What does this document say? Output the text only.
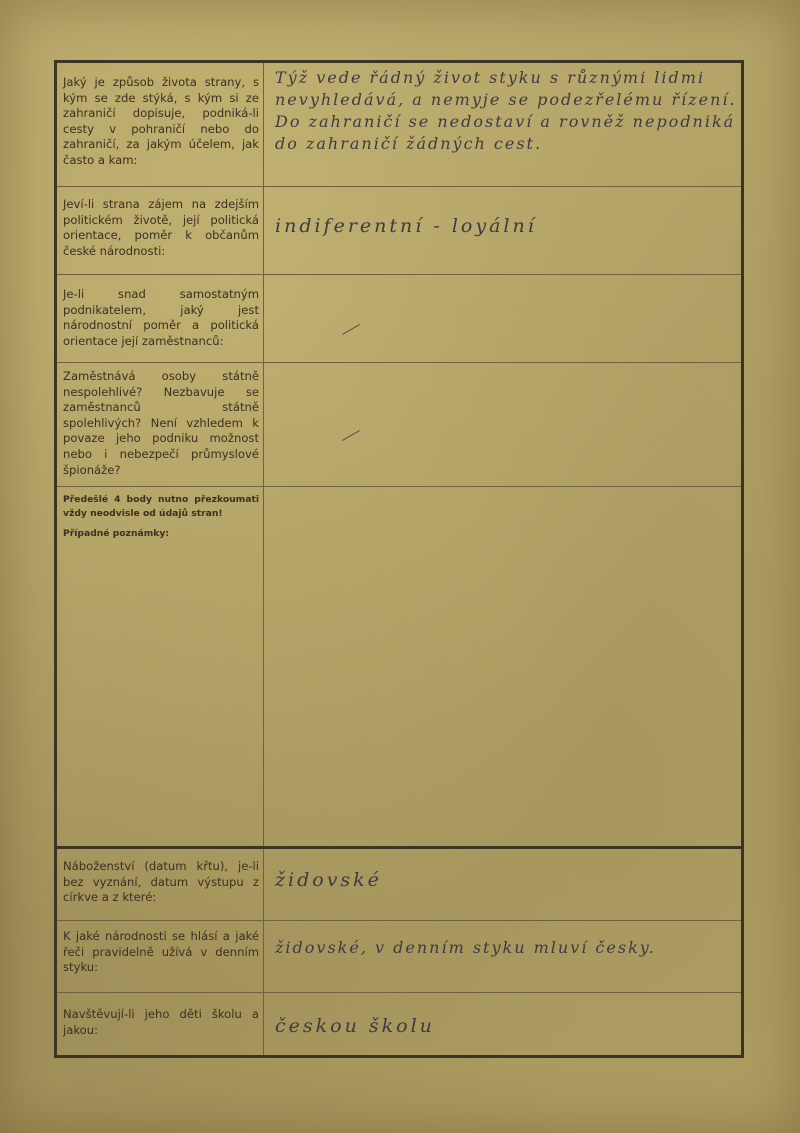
Jaký je způsob života strany, s kým se zde stýká, s kým si ze zahraničí dopisuje, podniká-li cesty v pohraničí nebo do zahraničí, za jakým účelem, jak často a kam:

Týž vede řádný život styku s různými lidmi nevyhledává, a nemyje se podezřelému řízení. Do zahraničí se nedostaví a rovněž nepodniká do zahraničí žádných cest.

Jeví-li strana zájem na zdejším politickém životě, její politická orientace, poměr k občanům české národnosti:

indiferentní - loyální

Je-li snad samostatným podnikatelem, jaký jest národnostní poměr a politická orientace její zaměstnanců:

Zaměstnává osoby státně nespolehlivé? Nezbavuje se zaměstnanců státně spolehlivých? Není vzhledem k povaze jeho podniku možnost nebo i nebezpečí průmyslové špionáže?

Předešlé 4 body nutno přezkoumati vždy neodvisle od údajů stran!

Případné poznámky:

Náboženství (datum křtu), je-li bez vyznání, datum výstupu z církve a z které:

židovské

K jaké národnosti se hlásí a jaké řeči pravidelně užívá v denním styku:

židovské, v denním styku mluví česky.

Navštěvují-li jeho děti školu a jakou:	českou školu
